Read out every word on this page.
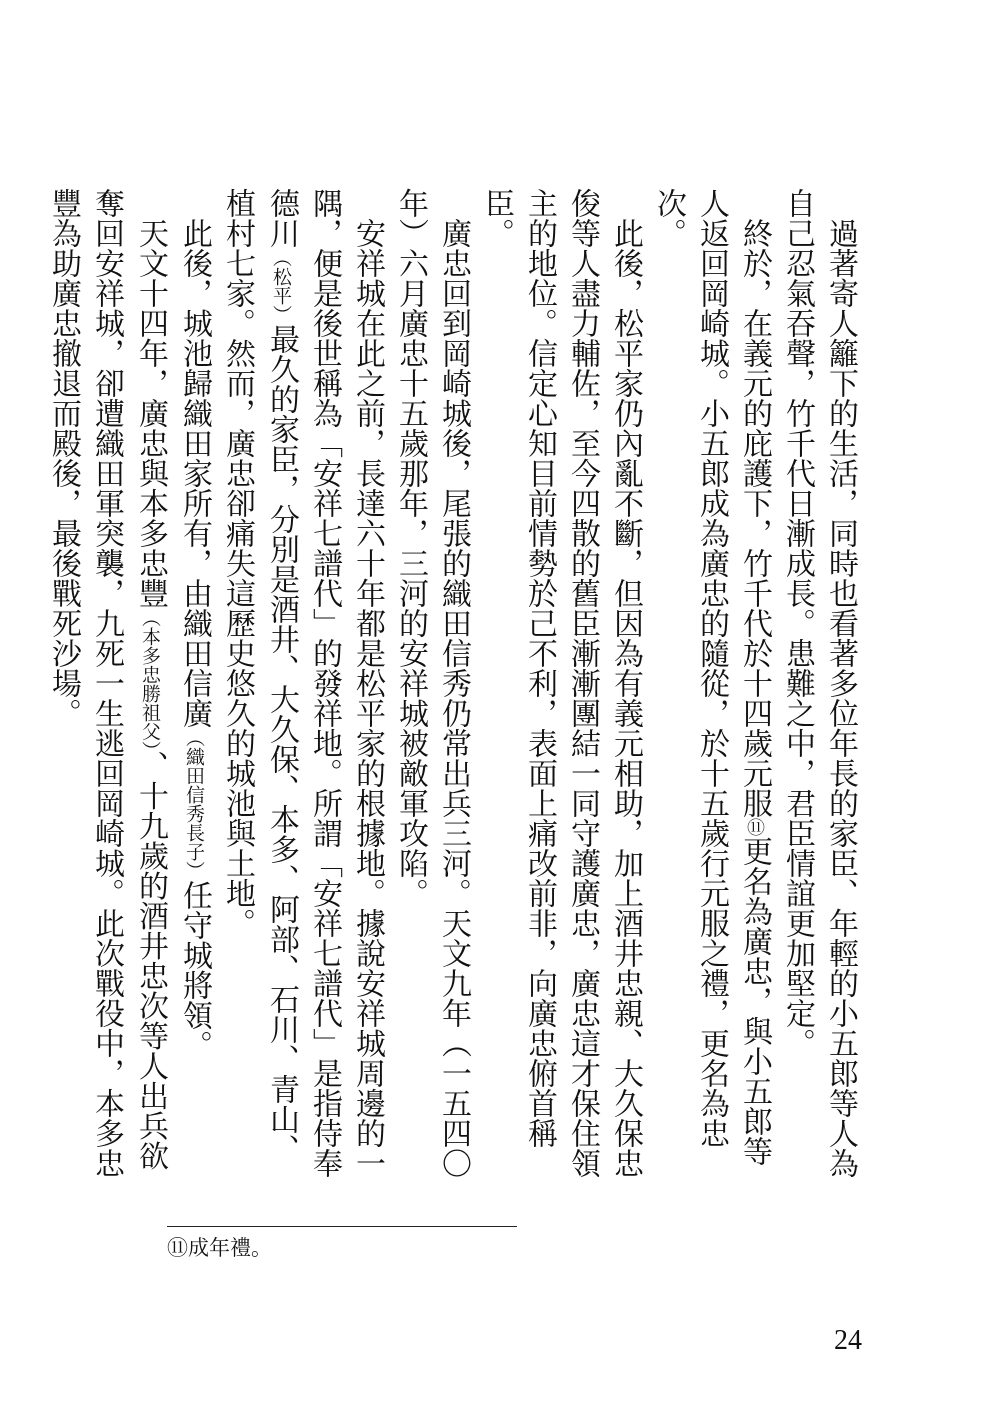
過著寄人籬下的生活，同時也看著多位年長的家臣、年輕的小五郎等人為自己忍氣吞聲，竹千代日漸成長。患難之中，君臣情誼更加堅定。

終於，在義元的庇護下，竹千代於十四歲元服⑪更名為廣忠，與小五郎等人返回岡崎城。小五郎成為廣忠的隨從，於十五歲行元服之禮，更名為忠次。

此後，松平家仍內亂不斷，但因為有義元相助，加上酒井忠親、大久保忠俊等人盡力輔佐，至今四散的舊臣漸漸團結一同守護廣忠，廣忠這才保住領主的地位。信定心知目前情勢於己不利，表面上痛改前非，向廣忠俯首稱臣。

廣忠回到岡崎城後，尾張的織田信秀仍常出兵三河。天文九年（一五四〇年）六月廣忠十五歲那年，三河的安祥城被敵軍攻陷。

安祥城在此之前，長達六十年都是松平家的根據地。據說安祥城周邊的一隅，便是後世稱為「安祥七譜代」的發祥地。所謂「安祥七譜代」是指侍奉德川（松平）最久的家臣，分別是酒井、大久保、本多、阿部、石川、青山、植村七家。然而，廣忠卻痛失這歷史悠久的城池與土地。

此後，城池歸織田家所有，由織田信廣（織田信秀長子）任守城將領。

天文十四年，廣忠與本多忠豐（本多忠勝祖父）、十九歲的酒井忠次等人出兵欲奪回安祥城，卻遭織田軍突襲，九死一生逃回岡崎城。此次戰役中，本多忠豐為助廣忠撤退而殿後，最後戰死沙場。

⑪成年禮。
24
